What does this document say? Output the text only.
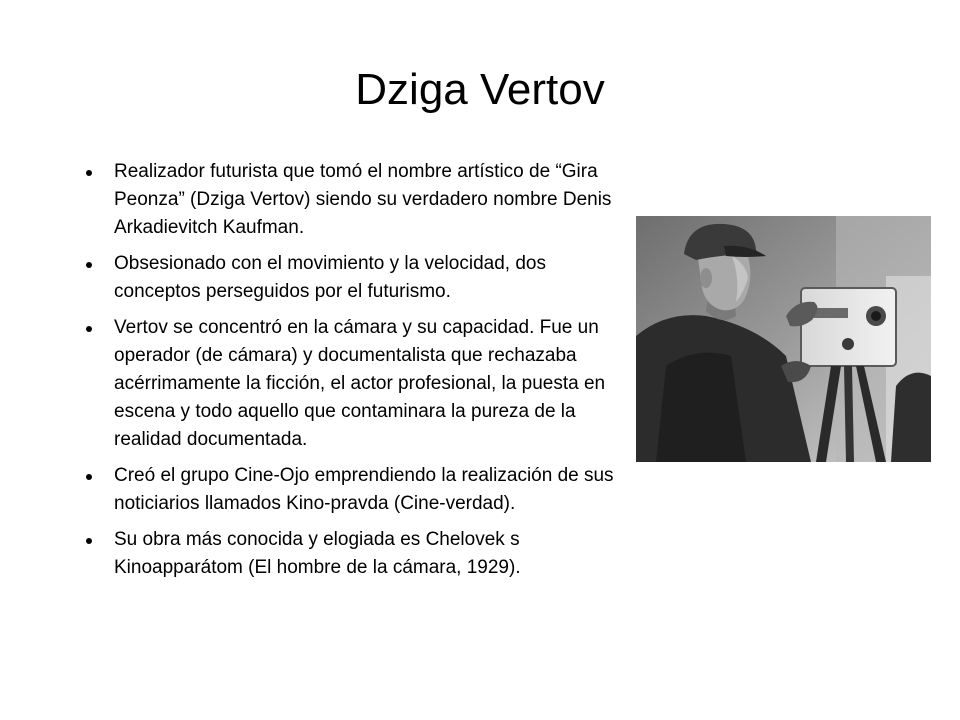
Dziga Vertov
Realizador futurista que tomó el nombre artístico de “Gira Peonza” (Dziga Vertov) siendo su verdadero nombre Denis Arkadievitch Kaufman.
Obsesionado con el movimiento y la velocidad, dos conceptos perseguidos por el futurismo.
Vertov se concentró en la cámara y su capacidad. Fue un operador (de cámara) y documentalista que rechazaba acérrimamente la ficción, el actor profesional, la puesta en escena y todo aquello que contaminara la pureza de la realidad documentada.
Creó el grupo Cine-Ojo emprendiendo la realización de sus noticiarios llamados Kino-pravda (Cine-verdad).
Su obra más conocida y elogiada es Chelovek s Kinoapparátom (El hombre de la cámara, 1929).
